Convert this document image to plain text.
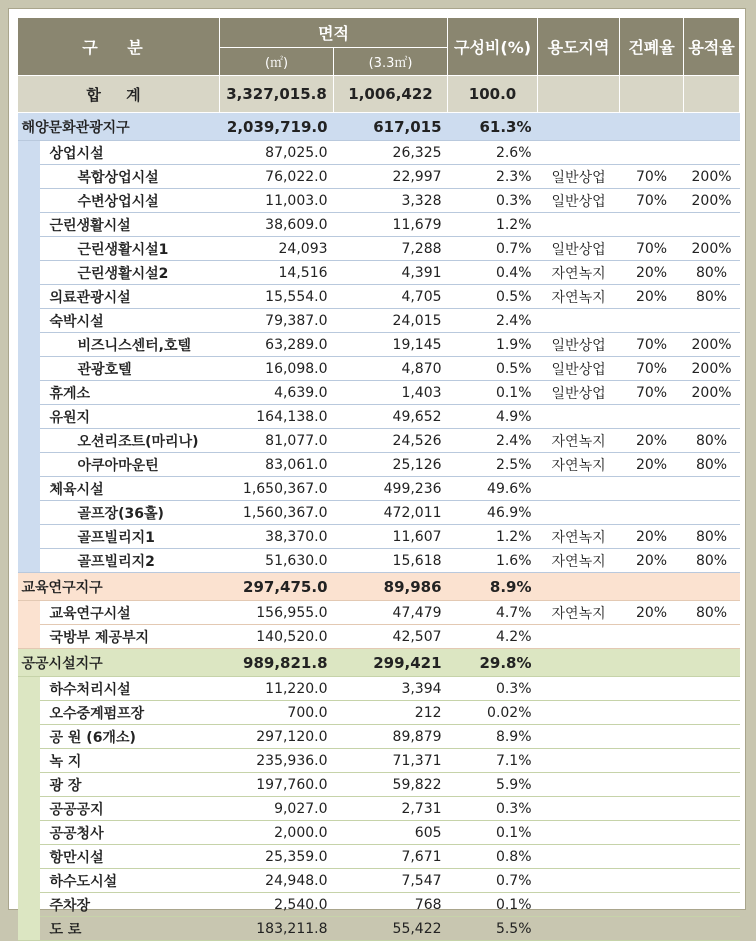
구 분		면적		구성비(%)	용도지역	건폐율	용적율
		(㎡)	(3.3㎡)				
합 계		3,327,015.8	1,006,422	100.0			
해양문화관광지구		2,039,719.0	617,015	61.3%			
	상업시설	87,025.0	26,325	2.6%			
	복합상업시설	76,022.0	22,997	2.3%	일반상업	70%	200%
	수변상업시설	11,003.0	3,328	0.3%	일반상업	70%	200%
	근린생활시설	38,609.0	11,679	1.2%			
	근린생활시설1	24,093	7,288	0.7%	일반상업	70%	200%
	근린생활시설2	14,516	4,391	0.4%	자연녹지	20%	80%
	의료관광시설	15,554.0	4,705	0.5%	자연녹지	20%	80%
	숙박시설	79,387.0	24,015	2.4%			
	비즈니스센터,호텔	63,289.0	19,145	1.9%	일반상업	70%	200%
	관광호텔	16,098.0	4,870	0.5%	일반상업	70%	200%
	휴게소	4,639.0	1,403	0.1%	일반상업	70%	200%
	유원지	164,138.0	49,652	4.9%			
	오션리조트(마리나)	81,077.0	24,526	2.4%	자연녹지	20%	80%
	아쿠아마운틴	83,061.0	25,126	2.5%	자연녹지	20%	80%
	체육시설	1,650,367.0	499,236	49.6%			
	골프장(36홀)	1,560,367.0	472,011	46.9%			
	골프빌리지1	38,370.0	11,607	1.2%	자연녹지	20%	80%
	골프빌리지2	51,630.0	15,618	1.6%	자연녹지	20%	80%
교육연구지구		297,475.0	89,986	8.9%			
	교육연구시설	156,955.0	47,479	4.7%	자연녹지	20%	80%
	국방부 제공부지	140,520.0	42,507	4.2%			
공공시설지구		989,821.8	299,421	29.8%			
	하수처리시설	11,220.0	3,394	0.3%			
	오수중계펌프장	700.0	212	0.02%			
	공 원 (6개소)	297,120.0	89,879	8.9%			
	녹 지	235,936.0	71,371	7.1%			
	광 장	197,760.0	59,822	5.9%			
	공공공지	9,027.0	2,731	0.3%			
	공공청사	2,000.0	605	0.1%			
	항만시설	25,359.0	7,671	0.8%			
	하수도시설	24,948.0	7,547	0.7%			
	주차장	2,540.0	768	0.1%			
	도 로	183,211.8	55,422	5.5%			
